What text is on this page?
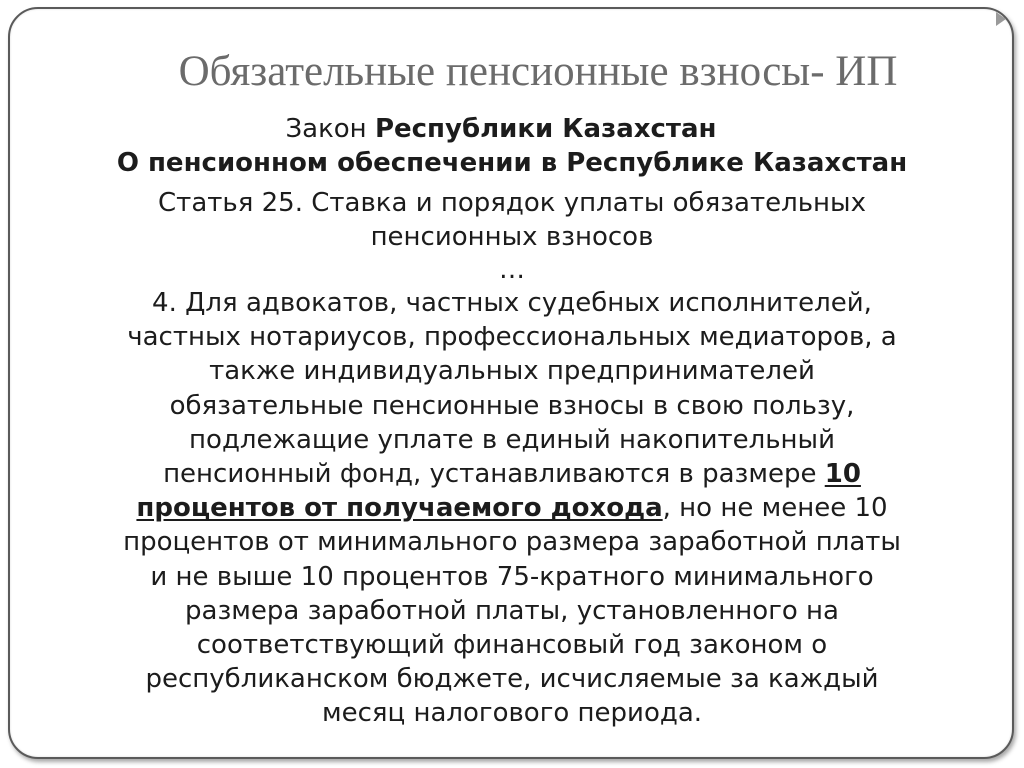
Обязательные пенсионные взносы- ИП
Закон Республики Казахстан
О пенсионном обеспечении в Республике Казахстан
Статья 25. Ставка и порядок уплаты обязательных
пенсионных взносов
…
4. Для адвокатов, частных судебных исполнителей,
частных нотариусов, профессиональных медиаторов, а
также индивидуальных предпринимателей
обязательные пенсионные взносы в свою пользу,
подлежащие уплате в единый накопительный
пенсионный фонд, устанавливаются в размере 10
процентов от получаемого дохода, но не менее 10
процентов от минимального размера заработной платы
и не выше 10 процентов 75-кратного минимального
размера заработной платы, установленного на
соответствующий финансовый год законом о
республиканском бюджете, исчисляемые за каждый
месяц налогового периода.
